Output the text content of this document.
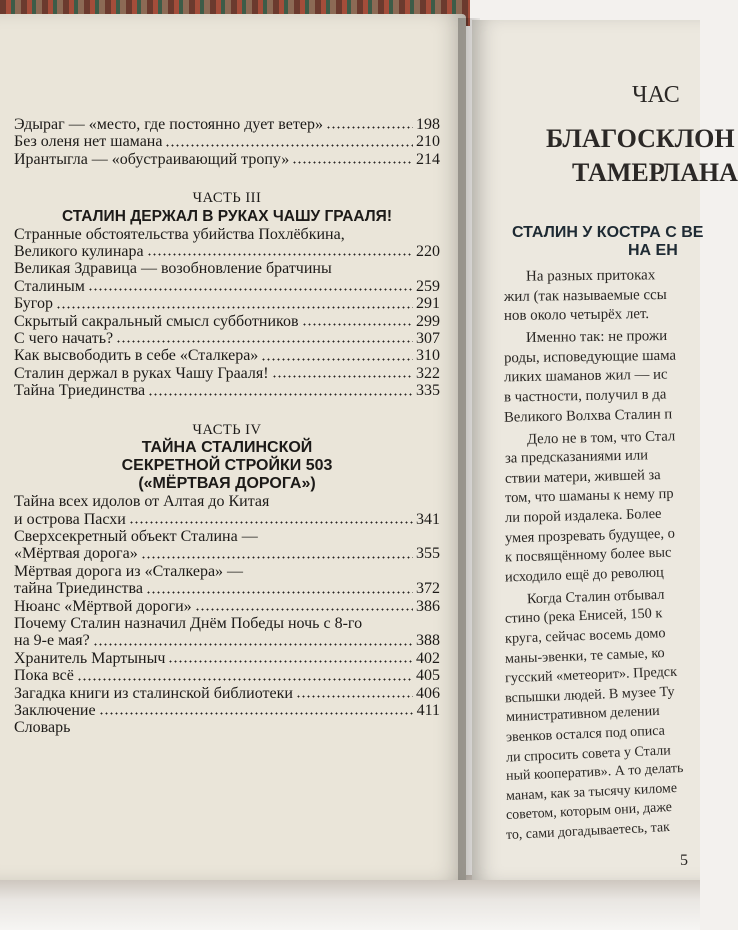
Эдыраг — «место, где постоянно дует ветер»	198
Без оленя нет шамана	210
Ирантыгла — «обустраивающий тропу»	214
ЧАСТЬ III
СТАЛИН ДЕРЖАЛ В РУКАХ ЧАШУ ГРААЛЯ!
Странные обстоятельства убийства Похлёбкина,
Великого кулинара	220
Великая Здравица — возобновление братчины
Сталиным	259
Бугор	291
Скрытый сакральный смысл субботников	299
С чего начать?	307
Как высвободить в себе «Сталкера»	310
Сталин держал в руках Чашу Грааля!	322
Тайна Триединства	335
ЧАСТЬ IV
ТАЙНА СТАЛИНСКОЙ
СЕКРЕТНОЙ СТРОЙКИ 503
(«МЁРТВАЯ ДОРОГА»)
Тайна всех идолов от Алтая до Китая
и острова Пасхи	341
Сверхсекретный объект Сталина —
«Мёртвая дорога»	355
Мёртвая дорога из «Сталкера» —
тайна Триединства	372
Нюанс «Мёртвой дороги»	386
Почему Сталин назначил Днём Победы ночь с 8-го
на 9-е мая?	388
Хранитель Мартыныч	402
Пока всё	405
Загадка книги из сталинской библиотеки	406
Заключение	411
Словарь
ЧАС
БЛАГОСКЛОН
ТАМЕРЛАНА
СТАЛИН У КОСТРА С ВЕ
НА ЕН
На разных притоках
жил (так называемые ссы
нов около четырёх лет.
Именно так: не прожи
роды, исповедующие шама
ликих шаманов жил — ис
в частности, получил в да
Великого Волхва Сталин п
Дело не в том, что Стал
за предсказаниями или
ствии матери, жившей за
том, что шаманы к нему пр
ли порой издалека. Более
умея прозревать будущее, о
к посвящённому более выс
исходило ещё до революц
Когда Сталин отбывал
стино (река Енисей, 150 к
круга, сейчас восемь домо
маны-эвенки, те самые, ко
гусский «метеорит». Предск
вспышки людей. В музее Ту
министративном делении
эвенков остался под описа
ли спросить совета у Стали
ный кооператив». А то делать
манам, как за тысячу киломе
советом, которым они, даже
то, сами догадываетесь, так
5
